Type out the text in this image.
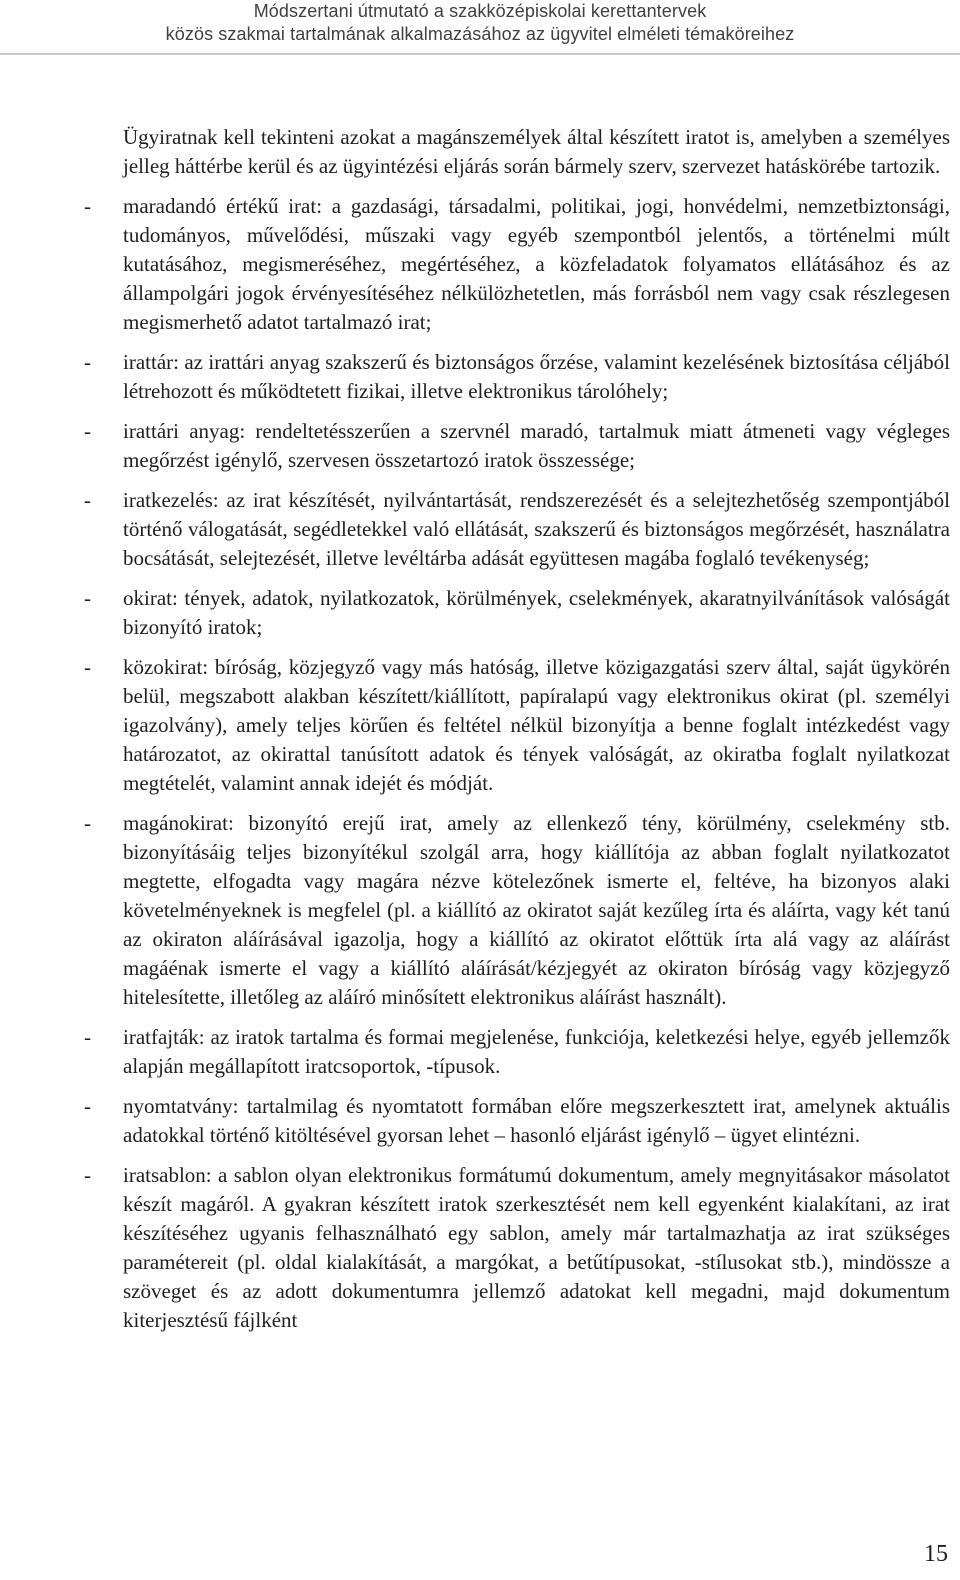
Módszertani útmutató a szakközépiskolai kerettantervek
közös szakmai tartalmának alkalmazásához az ügyvitel elméleti témaköreihez

Ügyiratnak kell tekinteni azokat a magánszemélyek által készített iratot is, amelyben a személyes jelleg háttérbe kerül és az ügyintézési eljárás során bármely szerv, szervezet hatáskörébe tartozik.

- maradandó értékű irat: a gazdasági, társadalmi, politikai, jogi, honvédelmi, nemzetbiztonsági, tudományos, művelődési, műszaki vagy egyéb szempontból jelentős, a történelmi múlt kutatásához, megismeréséhez, megértéséhez, a közfeladatok folyamatos ellátásához és az állampolgári jogok érvényesítéséhez nélkülözhetetlen, más forrásból nem vagy csak részlegesen megismerhető adatot tartalmazó irat;
- irattár: az irattári anyag szakszerű és biztonságos őrzése, valamint kezelésének biztosítása céljából létrehozott és működtetett fizikai, illetve elektronikus tárolóhely;
- irattári anyag: rendeltetésszerűen a szervnél maradó, tartalmuk miatt átmeneti vagy végleges megőrzést igénylő, szervesen összetartozó iratok összessége;
- iratkezelés: az irat készítését, nyilvántartását, rendszerezését és a selejtezhetőség szempontjából történő válogatását, segédletekkel való ellátását, szakszerű és biztonságos megőrzését, használatra bocsátását, selejtezését, illetve levéltárba adását együttesen magába foglaló tevékenység;
- okirat: tények, adatok, nyilatkozatok, körülmények, cselekmények, akaratnyilvánítások valóságát bizonyító iratok;
- közokirat: bíróság, közjegyző vagy más hatóság, illetve közigazgatási szerv által, saját ügykörén belül, megszabott alakban készített/kiállított, papíralapú vagy elektronikus okirat (pl. személyi igazolvány), amely teljes körűen és feltétel nélkül bizonyítja a benne foglalt intézkedést vagy határozatot, az okirattal tanúsított adatok és tények valóságát, az okiratba foglalt nyilatkozat megtételét, valamint annak idejét és módját.
- magánokirat: bizonyító erejű irat, amely az ellenkező tény, körülmény, cselekmény stb. bizonyításáig teljes bizonyítékul szolgál arra, hogy kiállítója az abban foglalt nyilatkozatot megtette, elfogadta vagy magára nézve kötelezőnek ismerte el, feltéve, ha bizonyos alaki követelményeknek is megfelel (pl. a kiállító az okiratot saját kezűleg írta és aláírta, vagy két tanú az okiraton aláírásával igazolja, hogy a kiállító az okiratot előttük írta alá vagy az aláírást magáénak ismerte el vagy a kiállító aláírását/kézjegyét az okiraton bíróság vagy közjegyző hitelesítette, illetőleg az aláíró minősített elektronikus aláírást használt).
- iratfajták: az iratok tartalma és formai megjelenése, funkciója, keletkezési helye, egyéb jellemzők alapján megállapított iratcsoportok, -típusok.
- nyomtatvány: tartalmilag és nyomtatott formában előre megszerkesztett irat, amelynek aktuális adatokkal történő kitöltésével gyorsan lehet – hasonló eljárást igénylő – ügyet elintézni.
- iratsablon: a sablon olyan elektronikus formátumú dokumentum, amely megnyitásakor másolatot készít magáról. A gyakran készített iratok szerkesztését nem kell egyenként kialakítani, az irat készítéséhez ugyanis felhasználható egy sablon, amely már tartalmazhatja az irat szükséges paramétereit (pl. oldal kialakítását, a margókat, a betűtípusokat, -stílusokat stb.), mindössze a szöveget és az adott dokumentumra jellemző adatokat kell megadni, majd dokumentum kiterjesztésű fájlként
15
